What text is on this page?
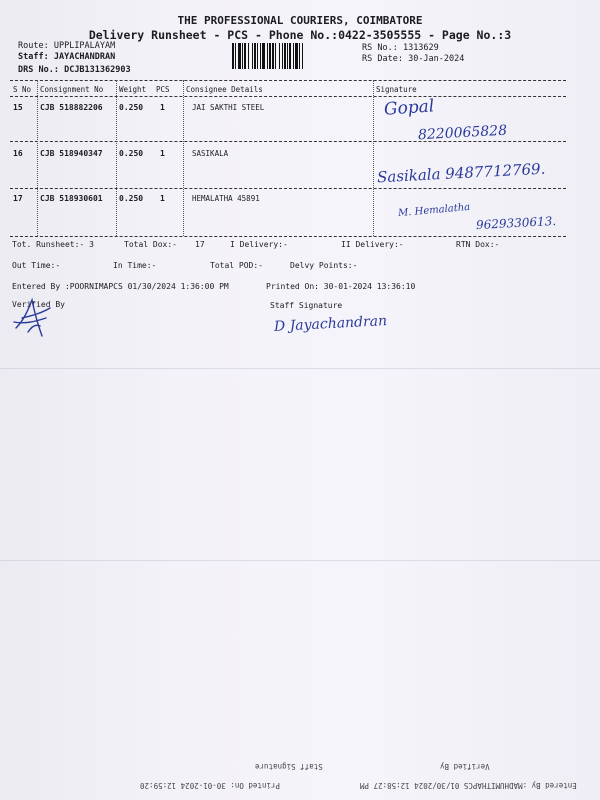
THE PROFESSIONAL COURIERS, COIMBATORE
Delivery Runsheet - PCS - Phone No.:0422-3505555 - Page No.:3
Route: UPPLIPALAYAM
Staff: JAYACHANDRAN
DRS No.: DCJB131362903
RS No.: 1313629
RS Date: 30-Jan-2024
S No Consignment No Weight PCS Consignee Details	Signature
15 CJB 518882206 0.250 1	JAI SAKTHI STEEL	Gopal
8220065828
16 CJB 518940347 0.250 1	SASIKALA
Sasikala 9487712769.
17 CJB 518930601 0.250 1	HEMALATHA 45891
M. Hemalatha
9629330613.
Tot. Runsheet:- 3	Total Dox:- 17	I Delivery:-	II Delivery:-	RTN Dox:-
Out Time:-	In Time:-	Total POD:-	Delvy Points:-
Entered By :POORNIMAPCS 01/30/2024 1:36:00 PM	Printed On: 30-01-2024 13:36:10
Verified By	Staff Signature
D Jayachandran
Verified By
Staff Signature
Entered By :MADHUMITHAPCS 01/30/2024 12:58:27 PM
Printed On: 30-01-2024 12:59:20
